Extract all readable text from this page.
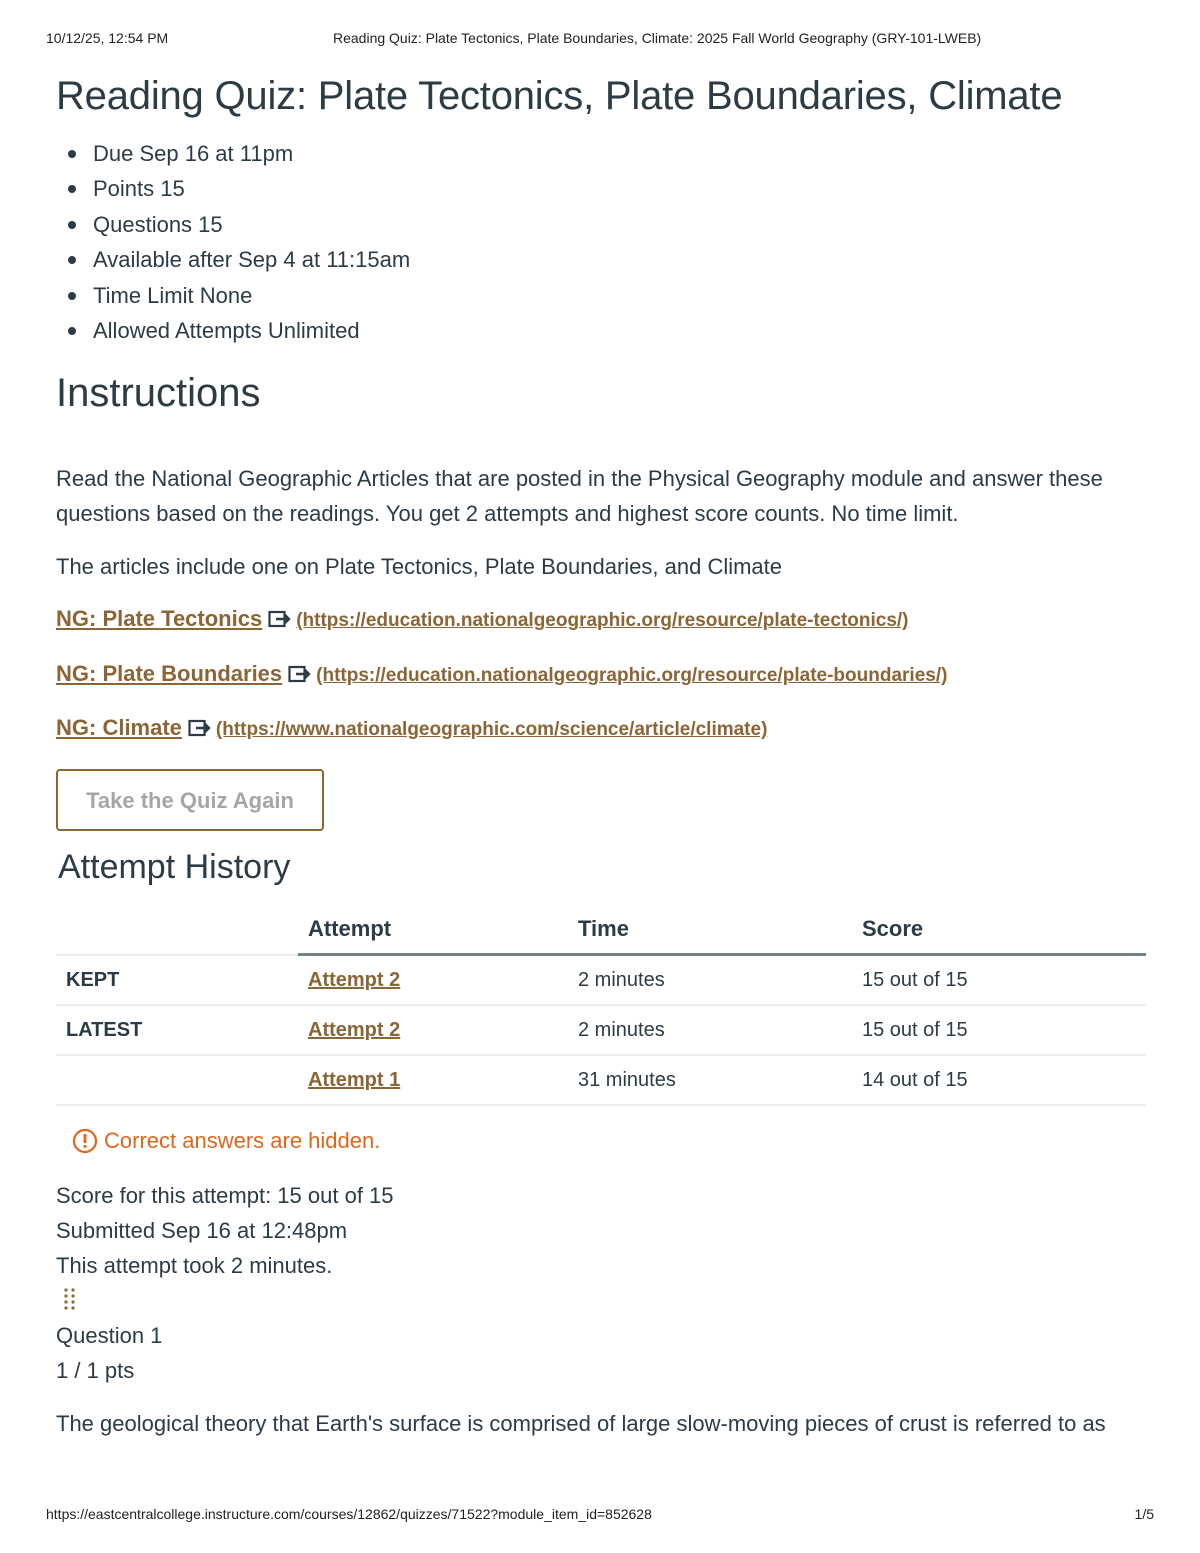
10/12/25, 12:54 PM	Reading Quiz: Plate Tectonics, Plate Boundaries, Climate: 2025 Fall World Geography (GRY-101-LWEB)
Reading Quiz: Plate Tectonics, Plate Boundaries, Climate
Due Sep 16 at 11pm
Points 15
Questions 15
Available after Sep 4 at 11:15am
Time Limit None
Allowed Attempts Unlimited
Instructions

Read the National Geographic Articles that are posted in the Physical Geography module and answer these questions based on the readings. You get 2 attempts and highest score counts. No time limit.

The articles include one on Plate Tectonics, Plate Boundaries, and Climate

NG: Plate Tectonics (https://education.nationalgeographic.org/resource/plate-tectonics/)

NG: Plate Boundaries (https://education.nationalgeographic.org/resource/plate-boundaries/)

NG: Climate (https://www.nationalgeographic.com/science/article/climate)

Take the Quiz Again
Attempt History
	Attempt	Time	Score
KEPT	Attempt 2	2 minutes	15 out of 15
LATEST	Attempt 2	2 minutes	15 out of 15
	Attempt 1	31 minutes	14 out of 15
Correct answers are hidden.
Score for this attempt: 15 out of 15
Submitted Sep 16 at 12:48pm
This attempt took 2 minutes.
Question 1
1 / 1 pts

The geological theory that Earth's surface is comprised of large slow-moving pieces of crust is referred to as

https://eastcentralcollege.instructure.com/courses/12862/quizzes/71522?module_item_id=852628	1/5
